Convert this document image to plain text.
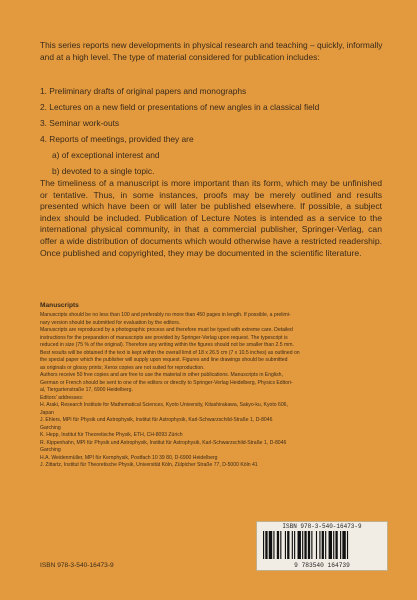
This series reports new developments in physical research and teaching – quickly, informally and at a high level. The type of material considered for publication includes:
1. Preliminary drafts of original papers and monographs
2. Lectures on a new field or presentations of new angles in a classical field
3. Seminar work-outs
4. Reports of meetings, provided they are
a) of exceptional interest and
b) devoted to a single topic.
The timeliness of a manuscript is more important than its form, which may be unfinished or tentative. Thus, in some instances, proofs may be merely outlined and results presented which have been or will later be published elsewhere. If possible, a subject index should be included. Publication of Lecture Notes is intended as a service to the international physical community, in that a commercial publisher, Springer-Verlag, can offer a wide distribution of documents which would otherwise have a restricted readership. Once published and copyrighted, they may be documented in the scientific literature.
Manuscripts
Manuscripts should be no less than 100 and preferably no more than 450 pages in length. If possible, a prelimi-
nary version should be submitted for evaluation by the editors.
Manuscripts are reproduced by a photographic process and therefore must be typed with extreme care. Detailed
instructions for the preparation of manuscripts are provided by Springer-Verlag upon request. The typescript is
reduced in size (75 % of the original). Therefore any writing within the figures should not be smaller than 2.5 mm.
Best results will be obtained if the text is kept within the overall limit of 18 x 26.5 cm (7 x 10.5 inches) as outlined on
the special paper which the publisher will supply upon request. Figures and line drawings should be submitted
as originals or glossy prints; Xerox copies are not suited for reproduction.
Authors receive 50 free copies and are free to use the material in other publications. Manuscripts in English,
German or French should be sent to one of the editors or directly to Springer-Verlag Heidelberg, Physics Editori-
al, Tiergartenstraße 17, 6900 Heidelberg.
Editors' addresses:
H. Araki, Research Institute for Mathematical Sciences, Kyoto University, Kitashirakawa, Sakyo-ku, Kyoto 606,
Japan
J. Ehlers, MPI für Physik und Astrophysik, Institut für Astrophysik, Karl-Schwarzschild-Straße 1, D-8046
Garching
K. Hepp, Institut für Theoretische Physik, ETH, CH-8093 Zürich
R. Kippenhahn, MPI für Physik und Astrophysik, Institut für Astrophysik, Karl-Schwarzschild-Straße 1, D-8046
Garching
H.A. Weidenmüller, MPI für Kernphysik, Postfach 10 39 80, D-6900 Heidelberg
J. Zittartz, Institut für Theoretische Physik, Universität Köln, Zülpicher Straße 77, D-5000 Köln 41
ISBN 978-3-540-16473-9
9 783540 164739
ISBN 978-3-540-16473-9
